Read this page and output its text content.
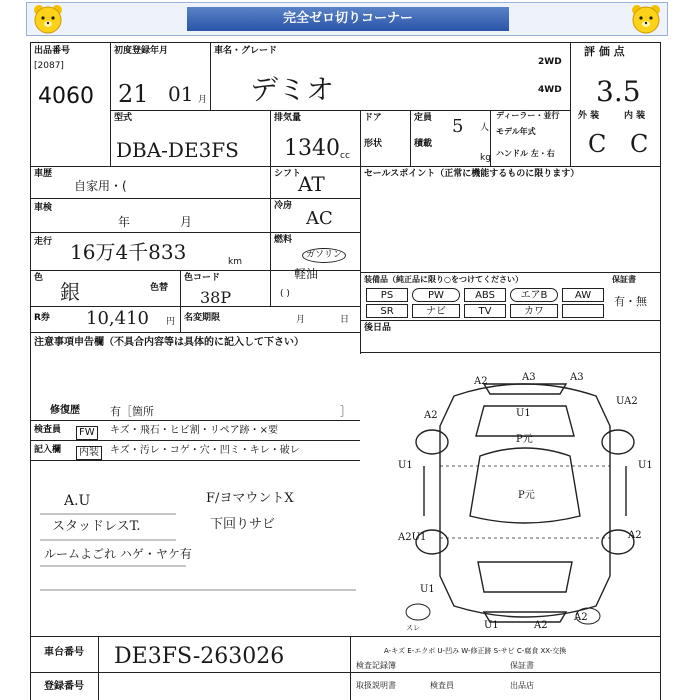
完全ゼロ切りコーナー
出品番号
[2087]
4060
初度登録年月
21 01 月
車名・グレード
デミオ
2WD
4WD
評 価 点
3.5
型式
DBA-DE3FS
排気量
1340 cc
ドア
形状
定員 5 人
積載
kg
ディーラー・並行
モデル年式
ハンドル 左・右
外 装	内 装
C C
車歴
自家用・(
シフト
AT
車検
年	月
冷房
AC
走行 16万4千833	km
燃料
ガソリン
軽油
( )
色
銀	色替
色コード
38P
R券 10,410 円 名変期限	月	日
セールスポイント（正常に機能するものに限ります）
装備品（純正品に限り○をつけてください）
PS	PW	ABS	エアB	AW
SR	ナビ	TV	カワ
保証書
有・無
後日品
注意事項申告欄（不具合内容等は具体的に記入して下さい）
修復歴	有［箇所	］
検査員
記入欄
FW	キズ・飛石・ヒビ割・リペア跡・×要
内装	キズ・汚レ・コゲ・穴・凹ミ・キレ・破レ
A.U
スタッドレスT.
ルームよごれ ハゲ・ヤケ有
F/ヨマウントX
下回りサビ
A2	A3	A3
A2	U1
UA2
P元
U1	U1
P元
A2U1	A2
U1
A2
A2
スレ	U1
車台番号 DE3FS-263026
登録番号
A-キズ E-エクボ U-凹み W-修正跡 S-サビ C-腐食 XX-交換
検査記録簿	保証書
取扱説明書	検査員	出品店
